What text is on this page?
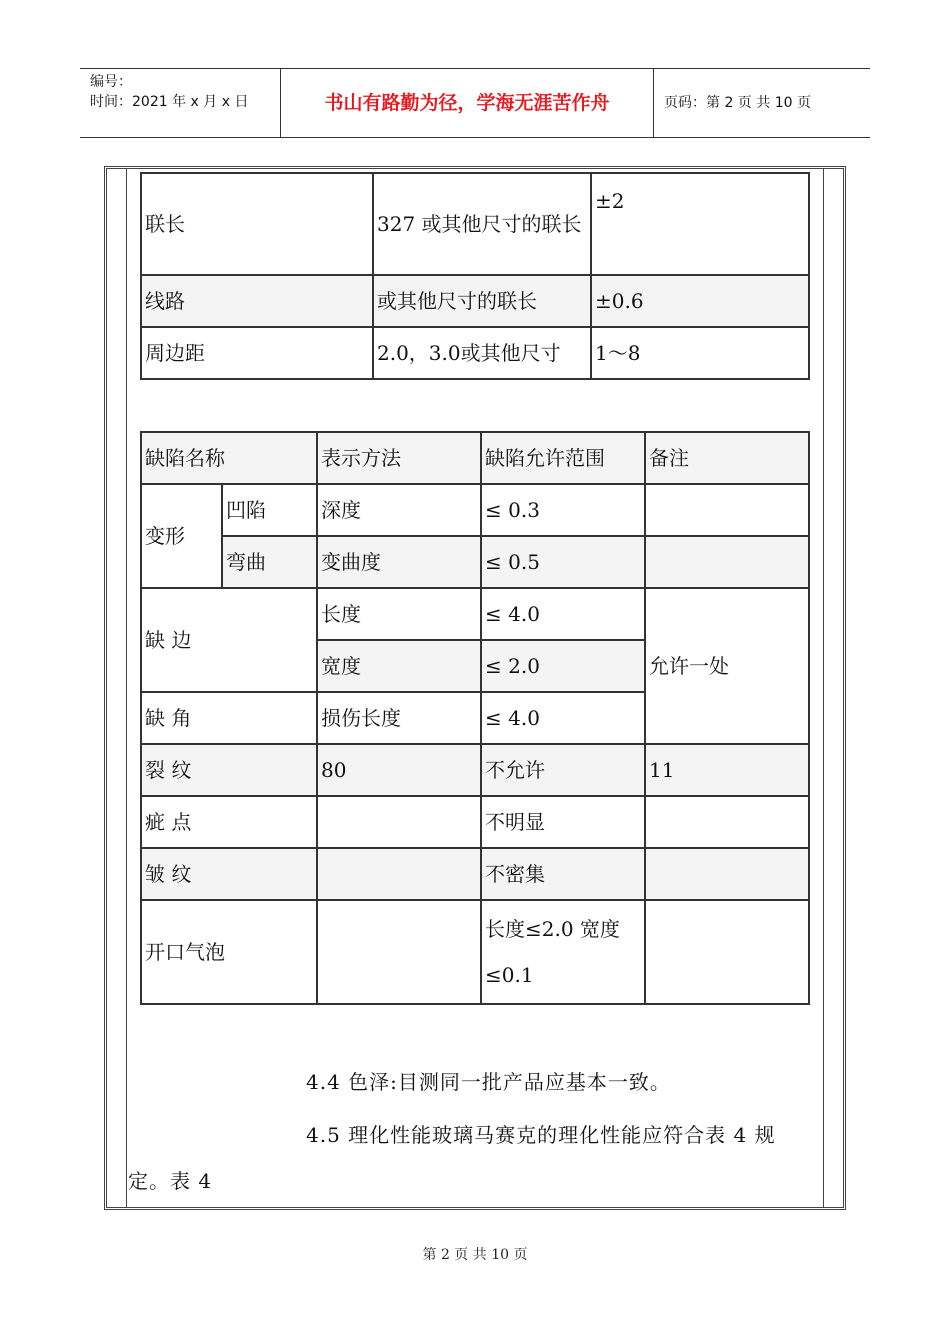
编号：
时间：2021 年 x 月 x 日	书山有路勤为径，学海无涯苦作舟	页码：第 2 页 共 10 页
联长	327 或其他尺寸的联长	±2
线路	或其他尺寸的联长	±0.6
周边距	2.0，3.0或其他尺寸	1～8
缺陷名称		表示方法	缺陷允许范围	备注
变形	凹陷	深度	≤ 0.3	
	弯曲	变曲度	≤ 0.5	
缺 边		长度	≤ 4.0	允许一处
		宽度	≤ 2.0	
缺 角		损伤长度	≤ 4.0	
裂 纹		80	不允许	11
疵 点			不明显	
皱 纹			不密集	
开口气泡			长度≤2.0 宽度≤0.1	
4.4 色泽:目测同一批产品应基本一致。
4.5 理化性能玻璃马赛克的理化性能应符合表 4 规
定。表 4
第 2 页 共 10 页
